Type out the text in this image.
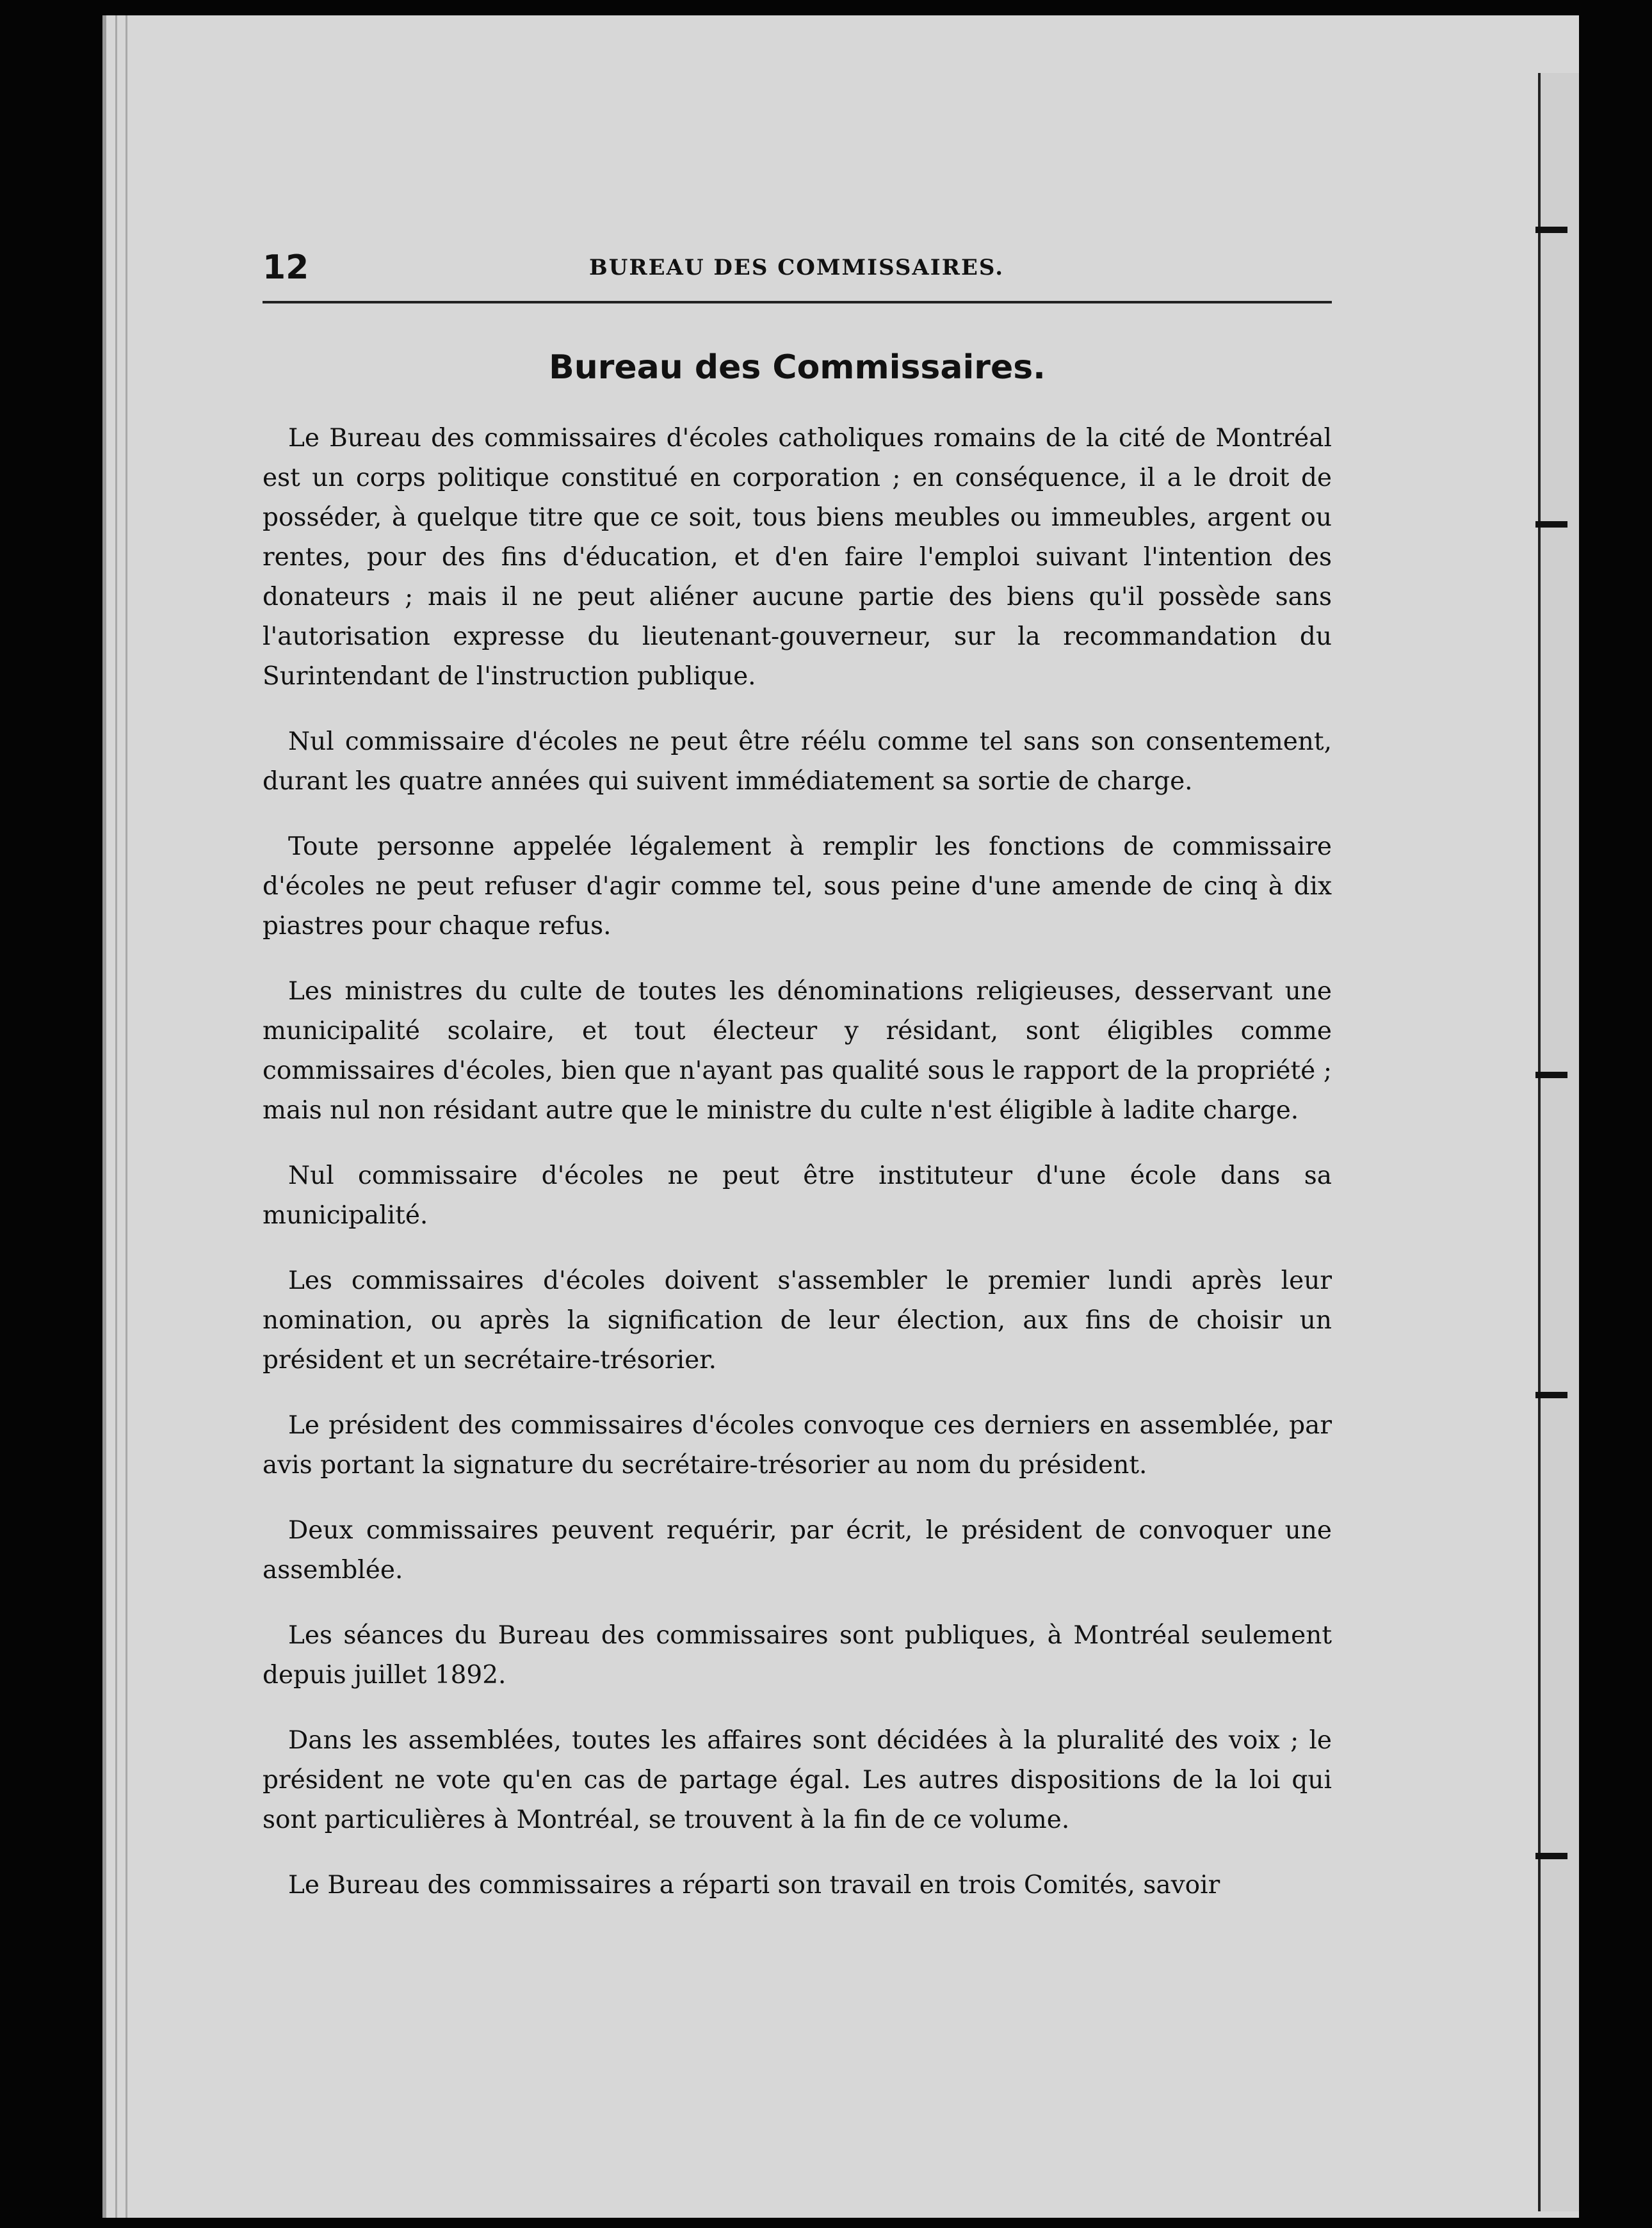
12	BUREAU DES COMMISSAIRES.
Bureau des Commissaires.

Le Bureau des commissaires d'écoles catholiques romains de la cité de Montréal est un corps politique constitué en corporation ; en conséquence, il a le droit de posséder, à quelque titre que ce soit, tous biens meubles ou immeubles, argent ou rentes, pour des fins d'éducation, et d'en faire l'emploi suivant l'intention des donateurs ; mais il ne peut aliéner aucune partie des biens qu'il possède sans l'autorisation expresse du lieutenant-gouverneur, sur la recommandation du Surintendant de l'instruction publique.

Nul commissaire d'écoles ne peut être réélu comme tel sans son consentement, durant les quatre années qui suivent immédiatement sa sortie de charge.

Toute personne appelée légalement à remplir les fonctions de commissaire d'écoles ne peut refuser d'agir comme tel, sous peine d'une amende de cinq à dix piastres pour chaque refus.

Les ministres du culte de toutes les dénominations religieuses, desservant une municipalité scolaire, et tout électeur y résidant, sont éligibles comme commissaires d'écoles, bien que n'ayant pas qualité sous le rapport de la propriété ; mais nul non résidant autre que le ministre du culte n'est éligible à ladite charge.

Nul commissaire d'écoles ne peut être instituteur d'une école dans sa municipalité.

Les commissaires d'écoles doivent s'assembler le premier lundi après leur nomination, ou après la signification de leur élection, aux fins de choisir un président et un secrétaire-trésorier.

Le président des commissaires d'écoles convoque ces derniers en assemblée, par avis portant la signature du secrétaire-trésorier au nom du président.

Deux commissaires peuvent requérir, par écrit, le président de convoquer une assemblée.

Les séances du Bureau des commissaires sont publiques, à Montréal seulement depuis juillet 1892.

Dans les assemblées, toutes les affaires sont décidées à la pluralité des voix ; le président ne vote qu'en cas de partage égal. Les autres dispositions de la loi qui sont particulières à Montréal, se trouvent à la fin de ce volume.

Le Bureau des commissaires a réparti son travail en trois Comités, savoir
